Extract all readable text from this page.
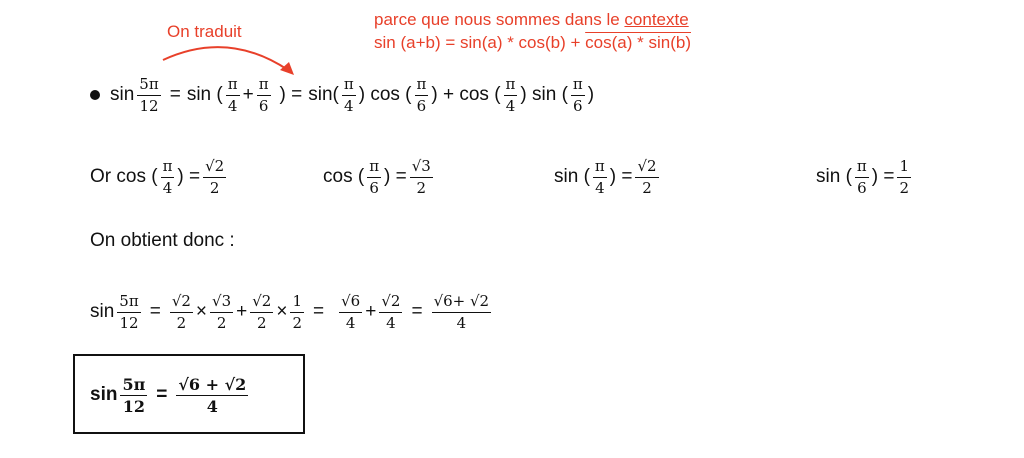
On traduit
parce que nous sommes dans le contexte
sin (a+b) = sin(a) * cos(b) + cos(a) * sin(b)
$\sin \frac{5\pi}{12} = \sin$ ( $\frac{\pi}{4} + \frac{\pi}{6}$ ) = $\sin( \frac{\pi}{4}$ ) cos ( $\frac{\pi}{6}$ ) + cos ( $\frac{\pi}{4}$ ) sin ( $\frac{\pi}{6}$ )
Or cos ( $\frac{\pi}{4}$ ) = $\frac{√2}{2}$	cos ( $\frac{\pi}{6}$ ) = $\frac{√3}{2}$	sin ( $\frac{\pi}{4}$ ) = $\frac{√2}{2}$	sin ( $\frac{\pi}{6}$ ) = $\frac{1}{2}$
On obtient donc :
$\sin \frac{5\pi}{12} = \frac{√2}{2} \times \frac{√3}{2} + \frac{√2}{2} \times \frac{1}{2} = \frac{√6}{4} + \frac{√2}{4} = \frac{√6+ √2}{4}$
$\sin \frac{5\pi}{12} = \frac{√6 + √2}{4}$
